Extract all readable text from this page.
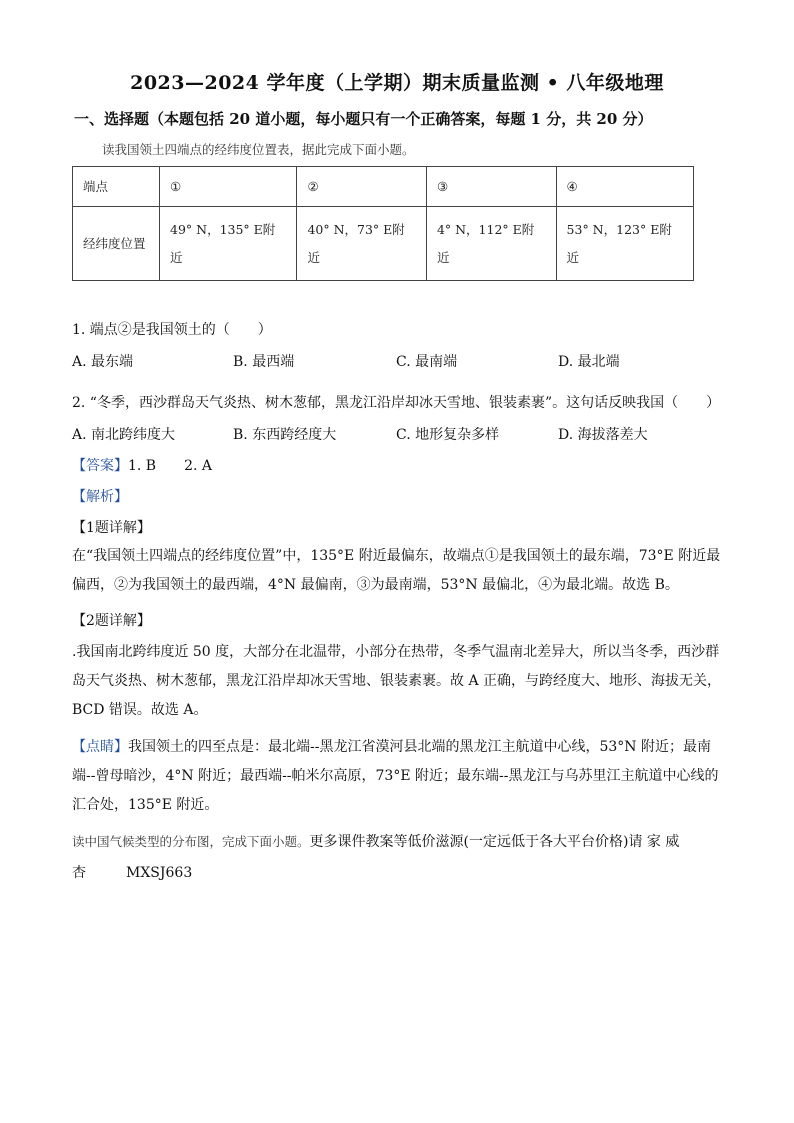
2023—2024 学年度（上学期）期末质量监测 • 八年级地理
一、选择题（本题包括 20 道小题，每小题只有一个正确答案，每题 1 分，共 20 分）
读我国领土四端点的经纬度位置表，据此完成下面小题。
端点	①	②	③	④
经纬度位置	49° N，135° E附近	40° N，73° E附近	4° N，112° E附近	53° N，123° E附近
1. 端点②是我国领土的（　　）
A. 最东端	B. 最西端	C. 最南端	D. 最北端
2. “冬季，西沙群岛天气炎热、树木葱郁，黑龙江沿岸却冰天雪地、银装素裹”。这句话反映我国（　　）
A. 南北跨纬度大	B. 东西跨经度大	C. 地形复杂多样	D. 海拔落差大
【答案】1. B　　2. A
【解析】
【1题详解】
在“我国领土四端点的经纬度位置”中，135°E 附近最偏东，故端点①是我国领土的最东端，73°E 附近最偏西，②为我国领土的最西端，4°N 最偏南，③为最南端，53°N 最偏北，④为最北端。故选 B。
【2题详解】
.我国南北跨纬度近 50 度，大部分在北温带，小部分在热带，冬季气温南北差异大，所以当冬季，西沙群岛天气炎热、树木葱郁，黑龙江沿岸却冰天雪地、银装素裹。故 A 正确，与跨经度大、地形、海拔无关，BCD 错误。故选 A。
【点睛】我国领土的四至点是：最北端--黑龙江省漠河县北端的黑龙江主航道中心线，53°N 附近；最南端--曾母暗沙，4°N 附近；最西端--帕米尔高原，73°E 附近；最东端--黑龙江与乌苏里江主航道中心线的汇合处，135°E 附近。
读中国气候类型的分布图，完成下面小题。更多课件教案等低价滋源(一定远低于各大平台价格)请 家 威
杏	MXSJ663
